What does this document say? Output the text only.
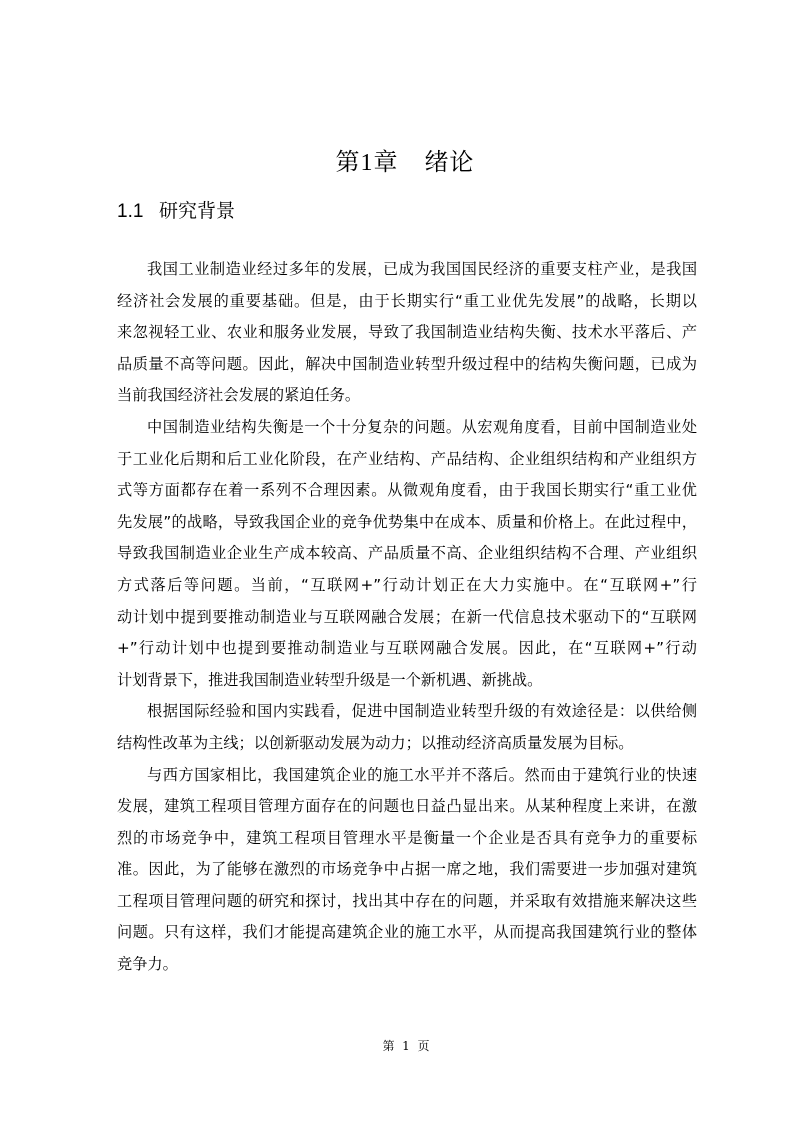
第1章 绪论
1.1 研究背景
我国工业制造业经过多年的发展，已成为我国国民经济的重要支柱产业，是我国
经济社会发展的重要基础。但是，由于长期实行“重工业优先发展”的战略，长期以
来忽视轻工业、农业和服务业发展，导致了我国制造业结构失衡、技术水平落后、产
品质量不高等问题。因此，解决中国制造业转型升级过程中的结构失衡问题，已成为
当前我国经济社会发展的紧迫任务。
中国制造业结构失衡是一个十分复杂的问题。从宏观角度看，目前中国制造业处
于工业化后期和后工业化阶段，在产业结构、产品结构、企业组织结构和产业组织方
式等方面都存在着一系列不合理因素。从微观角度看，由于我国长期实行“重工业优
先发展”的战略，导致我国企业的竞争优势集中在成本、质量和价格上。在此过程中，
导致我国制造业企业生产成本较高、产品质量不高、企业组织结构不合理、产业组织
方式落后等问题。当前，“互联网+”行动计划正在大力实施中。在“互联网+”行
动计划中提到要推动制造业与互联网融合发展；在新一代信息技术驱动下的“互联网
+”行动计划中也提到要推动制造业与互联网融合发展。因此，在“互联网+”行动
计划背景下，推进我国制造业转型升级是一个新机遇、新挑战。
根据国际经验和国内实践看，促进中国制造业转型升级的有效途径是：以供给侧
结构性改革为主线；以创新驱动发展为动力；以推动经济高质量发展为目标。
与西方国家相比，我国建筑企业的施工水平并不落后。然而由于建筑行业的快速
发展，建筑工程项目管理方面存在的问题也日益凸显出来。从某种程度上来讲，在激
烈的市场竞争中，建筑工程项目管理水平是衡量一个企业是否具有竞争力的重要标
准。因此，为了能够在激烈的市场竞争中占据一席之地，我们需要进一步加强对建筑
工程项目管理问题的研究和探讨，找出其中存在的问题，并采取有效措施来解决这些
问题。只有这样，我们才能提高建筑企业的施工水平，从而提高我国建筑行业的整体
竞争力。
第 1 页
